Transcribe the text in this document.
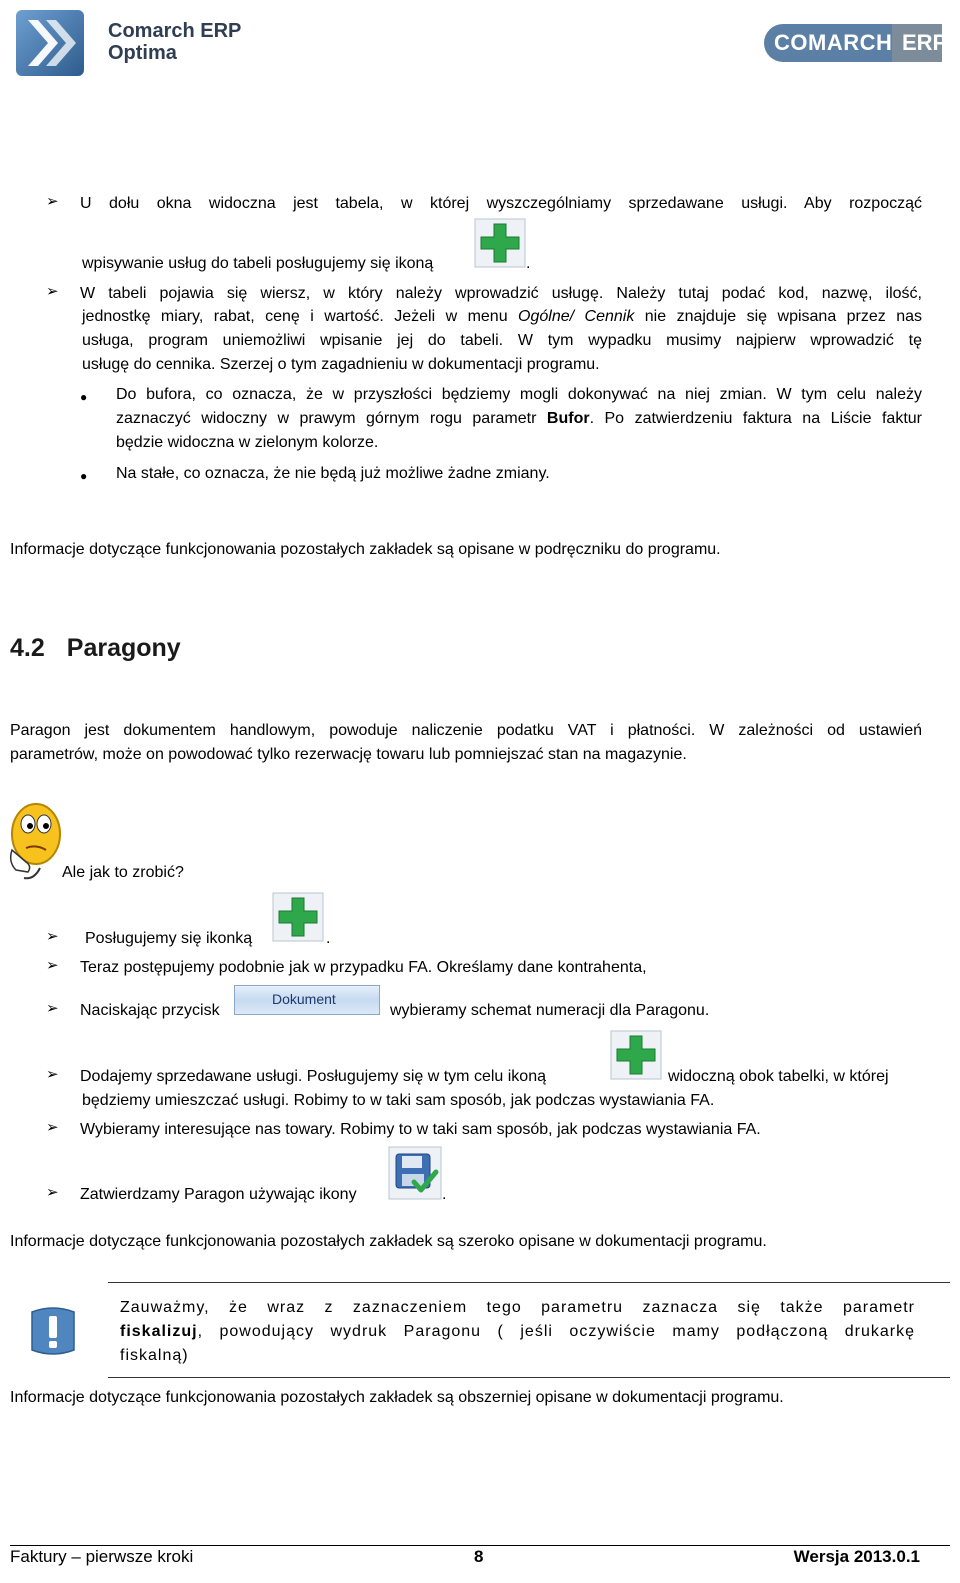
Comarch ERP
Optima	COMARCH ERP
➢ U dołu okna widoczna jest tabela, w której wyszczególniamy sprzedawane usługi. Aby rozpocząć
wpisywanie usług do tabeli posługujemy się ikoną	.
➢ W tabeli pojawia się wiersz, w który należy wprowadzić usługę. Należy tutaj podać kod, nazwę, ilość,
jednostkę miary, rabat, cenę i wartość. Jeżeli w menu Ogólne/ Cennik nie znajduje się wpisana przez nas
usługa, program uniemożliwi wpisanie jej do tabeli. W tym wypadku musimy najpierw wprowadzić tę
usługę do cennika. Szerzej o tym zagadnieniu w dokumentacji programu.
● Do bufora, co oznacza, że w przyszłości będziemy mogli dokonywać na niej zmian. W tym celu należy
zaznaczyć widoczny w prawym górnym rogu parametr Bufor. Po zatwierdzeniu faktura na Liście faktur
będzie widoczna w zielonym kolorze.
● Na stałe, co oznacza, że nie będą już możliwe żadne zmiany.
Informacje dotyczące funkcjonowania pozostałych zakładek są opisane w podręczniku do programu.
4.2 Paragony
Paragon jest dokumentem handlowym, powoduje naliczenie podatku VAT i płatności. W zależności od ustawień
parametrów, może on powodować tylko rezerwację towaru lub pomniejszać stan na magazynie.
Ale jak to zrobić?
➢ Posługujemy się ikonką	.
➢ Teraz postępujemy podobnie jak w przypadku FA. Określamy dane kontrahenta,
➢ Naciskając przycisk
Dokument
wybieramy schemat numeracji dla Paragonu.
➢ Dodajemy sprzedawane usługi. Posługujemy się w tym celu ikoną	widoczną obok tabelki, w której
będziemy umieszczać usługi. Robimy to w taki sam sposób, jak podczas wystawiania FA.
➢ Wybieramy interesujące nas towary. Robimy to w taki sam sposób, jak podczas wystawiania FA.
➢ Zatwierdzamy Paragon używając ikony	.
Informacje dotyczące funkcjonowania pozostałych zakładek są szeroko opisane w dokumentacji programu.
Zauważmy, że wraz z zaznaczeniem tego parametru zaznacza się także parametr
fiskalizuj, powodujący wydruk Paragonu ( jeśli oczywiście mamy podłączoną drukarkę
fiskalną)
Informacje dotyczące funkcjonowania pozostałych zakładek są obszerniej opisane w dokumentacji programu.
Faktury – pierwsze kroki	8	Wersja 2013.0.1
